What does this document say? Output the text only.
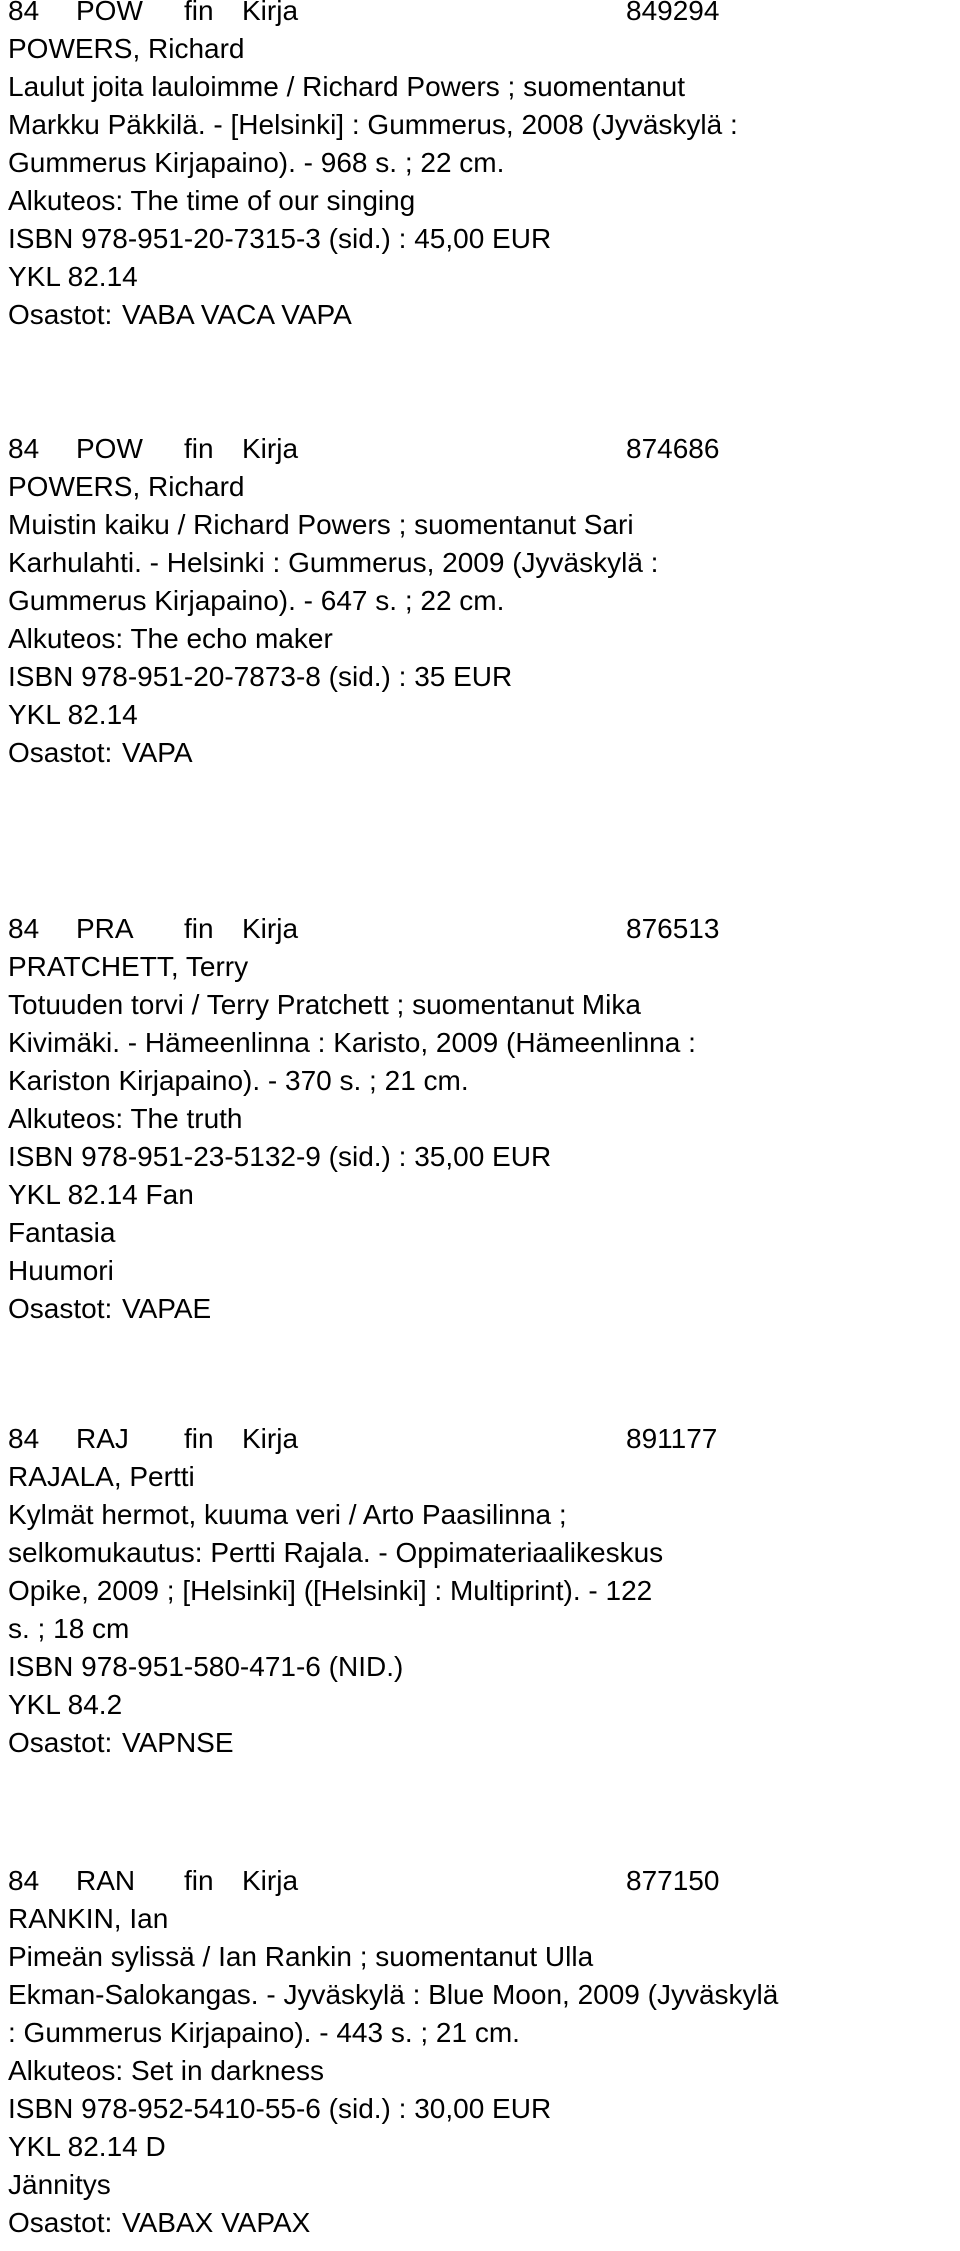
84 POW fin Kirja	849294
POWERS, Richard
Laulut joita lauloimme / Richard Powers ; suomentanut
Markku Päkkilä. - [Helsinki] : Gummerus, 2008 (Jyväskylä :
Gummerus Kirjapaino). - 968 s. ; 22 cm.
Alkuteos: The time of our singing
ISBN 978-951-20-7315-3 (sid.) : 45,00 EUR
YKL 82.14
Osastot: VABA VACA VAPA
84 POW fin Kirja	874686
POWERS, Richard
Muistin kaiku / Richard Powers ; suomentanut Sari
Karhulahti. - Helsinki : Gummerus, 2009 (Jyväskylä :
Gummerus Kirjapaino). - 647 s. ; 22 cm.
Alkuteos: The echo maker
ISBN 978-951-20-7873-8 (sid.) : 35 EUR
YKL 82.14
Osastot: VAPA
84 PRA fin Kirja	876513
PRATCHETT, Terry
Totuuden torvi / Terry Pratchett ; suomentanut Mika
Kivimäki. - Hämeenlinna : Karisto, 2009 (Hämeenlinna :
Kariston Kirjapaino). - 370 s. ; 21 cm.
Alkuteos: The truth
ISBN 978-951-23-5132-9 (sid.) : 35,00 EUR
YKL 82.14 Fan
Fantasia
Huumori
Osastot: VAPAE
84 RAJ fin Kirja	891177
RAJALA, Pertti
Kylmät hermot, kuuma veri / Arto Paasilinna ;
selkomukautus: Pertti Rajala. - Oppimateriaalikeskus
Opike, 2009 ; [Helsinki] ([Helsinki] : Multiprint). - 122
s. ; 18 cm
ISBN 978-951-580-471-6 (NID.)
YKL 84.2
Osastot: VAPNSE
84 RAN fin Kirja	877150
RANKIN, Ian
Pimeän sylissä / Ian Rankin ; suomentanut Ulla
Ekman-Salokangas. - Jyväskylä : Blue Moon, 2009 (Jyväskylä
: Gummerus Kirjapaino). - 443 s. ; 21 cm.
Alkuteos: Set in darkness
ISBN 978-952-5410-55-6 (sid.) : 30,00 EUR
YKL 82.14 D
Jännitys
Osastot: VABAX VAPAX
